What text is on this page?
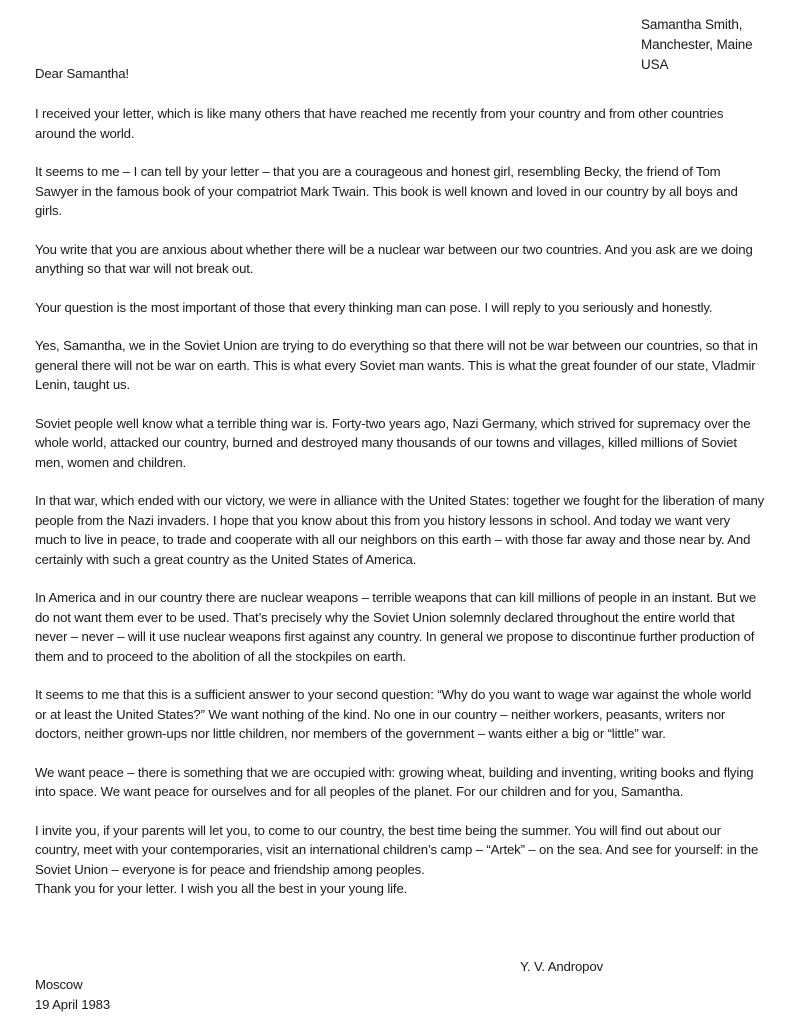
Samantha Smith,
Manchester, Maine
USA

Dear Samantha!

I received your letter, which is like many others that have reached me recently from your country and from other countries around the world.

It seems to me – I can tell by your letter – that you are a courageous and honest girl, resembling Becky, the friend of Tom Sawyer in the famous book of your compatriot Mark Twain. This book is well known and loved in our country by all boys and girls.

You write that you are anxious about whether there will be a nuclear war between our two countries. And you ask are we doing anything so that war will not break out.

Your question is the most important of those that every thinking man can pose. I will reply to you seriously and honestly.

Yes, Samantha, we in the Soviet Union are trying to do everything so that there will not be war between our countries, so that in general there will not be war on earth. This is what every Soviet man wants. This is what the great founder of our state, Vladmir Lenin, taught us.

Soviet people well know what a terrible thing war is. Forty-two years ago, Nazi Germany, which strived for supremacy over the whole world, attacked our country, burned and destroyed many thousands of our towns and villages, killed millions of Soviet men, women and children.

In that war, which ended with our victory, we were in alliance with the United States: together we fought for the liberation of many people from the Nazi invaders. I hope that you know about this from you history lessons in school. And today we want very much to live in peace, to trade and cooperate with all our neighbors on this earth – with those far away and those near by. And certainly with such a great country as the United States of America.

In America and in our country there are nuclear weapons – terrible weapons that can kill millions of people in an instant. But we do not want them ever to be used. That’s precisely why the Soviet Union solemnly declared throughout the entire world that never – never – will it use nuclear weapons first against any country. In general we propose to discontinue further production of them and to proceed to the abolition of all the stockpiles on earth.

It seems to me that this is a sufficient answer to your second question: “Why do you want to wage war against the whole world or at least the United States?” We want nothing of the kind. No one in our country – neither workers, peasants, writers nor doctors, neither grown-ups nor little children, nor members of the government – wants either a big or “little” war.

We want peace – there is something that we are occupied with: growing wheat, building and inventing, writing books and flying into space. We want peace for ourselves and for all peoples of the planet. For our children and for you, Samantha.

I invite you, if your parents will let you, to come to our country, the best time being the summer. You will find out about our country, meet with your contemporaries, visit an international children’s camp – “Artek” – on the sea. And see for yourself: in the Soviet Union – everyone is for peace and friendship among peoples.

Thank you for your letter. I wish you all the best in your young life.

Y. V. Andropov
Moscow
19 April 1983
